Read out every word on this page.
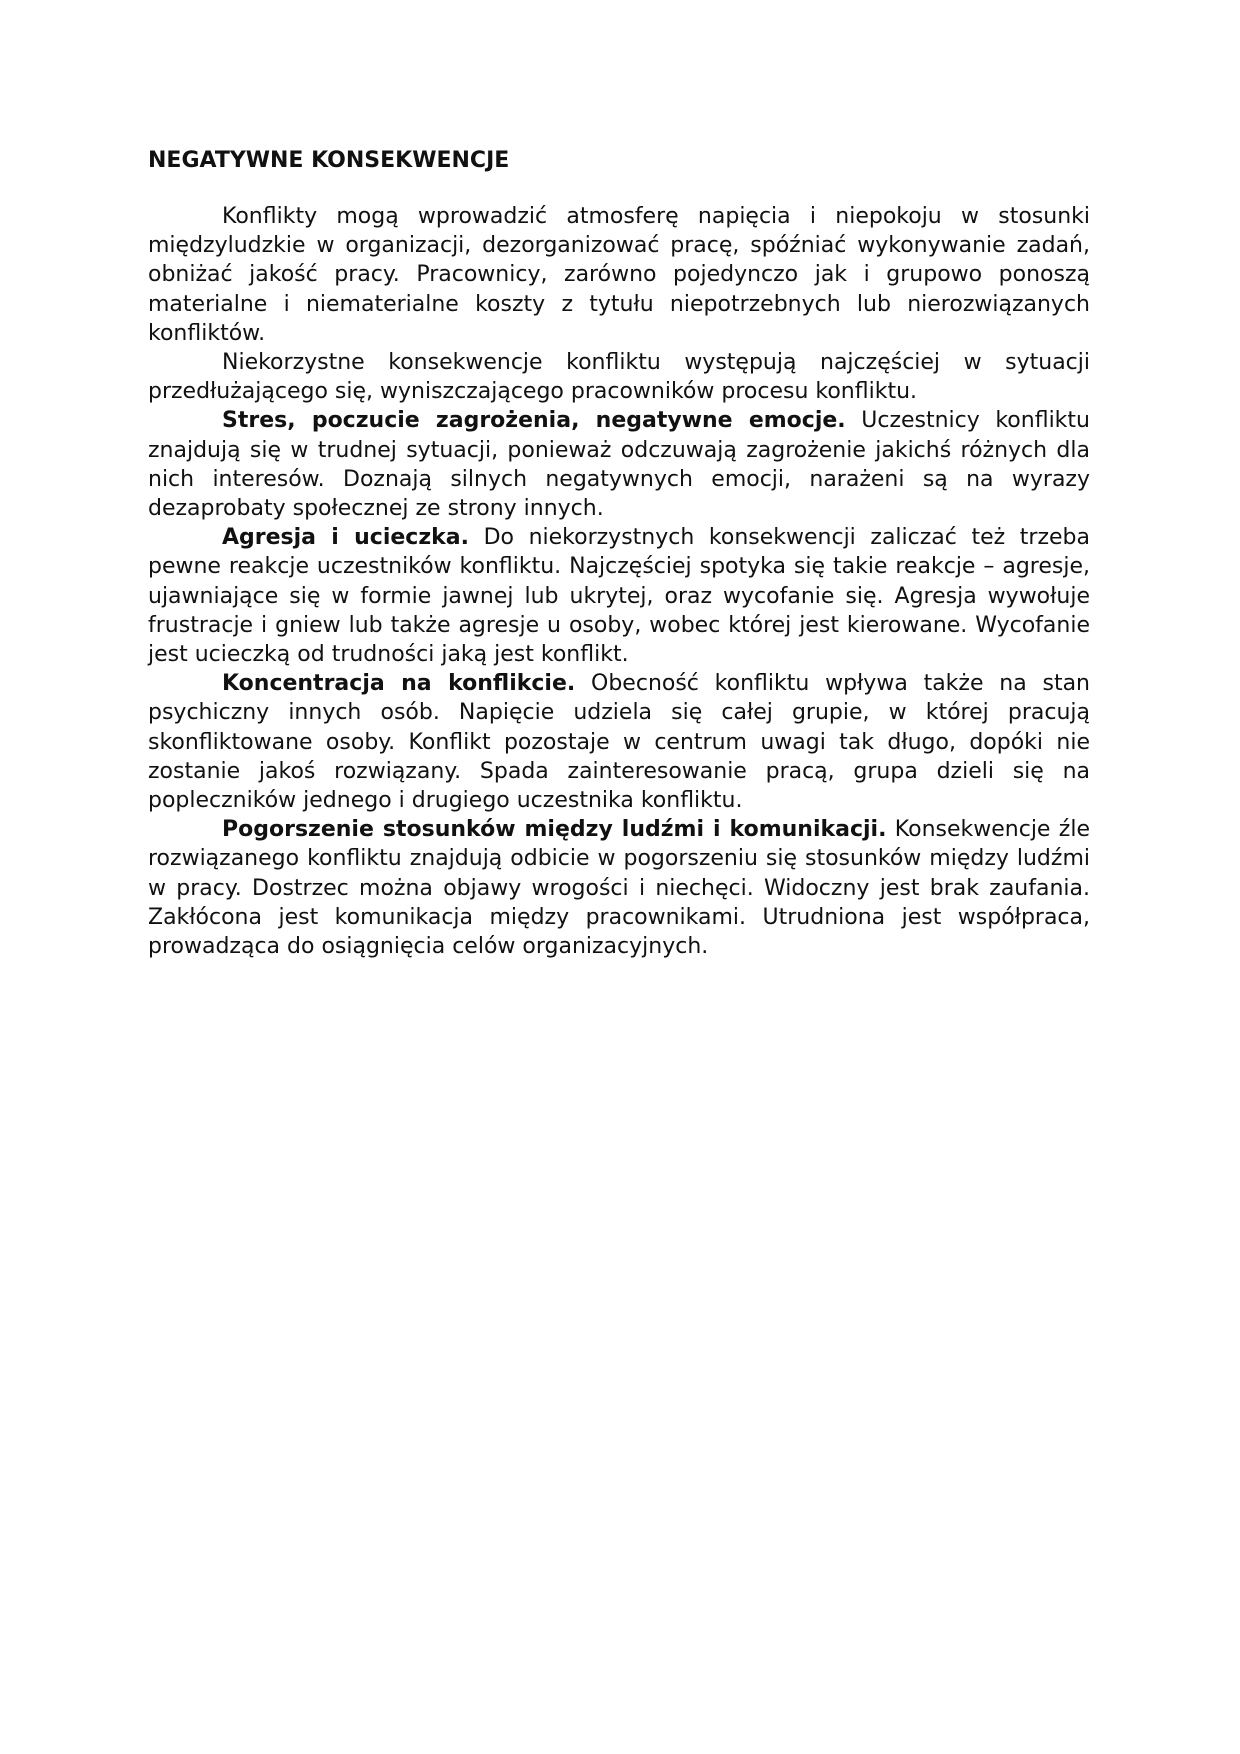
NEGATYWNE KONSEKWENCJE

Konflikty mogą wprowadzić atmosferę napięcia i niepokoju w stosunki międzyludzkie w organizacji, dezorganizować pracę, spóźniać wykonywanie zadań, obniżać jakość pracy. Pracownicy, zarówno pojedynczo jak i grupowo ponoszą materialne i niematerialne koszty z tytułu niepotrzebnych lub nierozwiązanych konfliktów.

Niekorzystne konsekwencje konfliktu występują najczęściej w sytuacji przedłużającego się, wyniszczającego pracowników procesu konfliktu.

Stres, poczucie zagrożenia, negatywne emocje. Uczestnicy konfliktu znajdują się w trudnej sytuacji, ponieważ odczuwają zagrożenie jakichś różnych dla nich interesów. Doznają silnych negatywnych emocji, narażeni są na wyrazy dezaprobaty społecznej ze strony innych.

Agresja i ucieczka. Do niekorzystnych konsekwencji zaliczać też trzeba pewne reakcje uczestników konfliktu. Najczęściej spotyka się takie reakcje – agresje, ujawniające się w formie jawnej lub ukrytej, oraz wycofanie się. Agresja wywołuje frustracje i gniew lub także agresje u osoby, wobec której jest kierowane. Wycofanie jest ucieczką od trudności jaką jest konflikt.

Koncentracja na konflikcie. Obecność konfliktu wpływa także na stan psychiczny innych osób. Napięcie udziela się całej grupie, w której pracują skonfliktowane osoby. Konflikt pozostaje w centrum uwagi tak długo, dopóki nie zostanie jakoś rozwiązany. Spada zainteresowanie pracą, grupa dzieli się na popleczników jednego i drugiego uczestnika konfliktu.

Pogorszenie stosunków między ludźmi i komunikacji. Konsekwencje źle rozwiązanego konfliktu znajdują odbicie w pogorszeniu się stosunków między ludźmi w pracy. Dostrzec można objawy wrogości i niechęci. Widoczny jest brak zaufania. Zakłócona jest komunikacja między pracownikami. Utrudniona jest współpraca, prowadząca do osiągnięcia celów organizacyjnych.
